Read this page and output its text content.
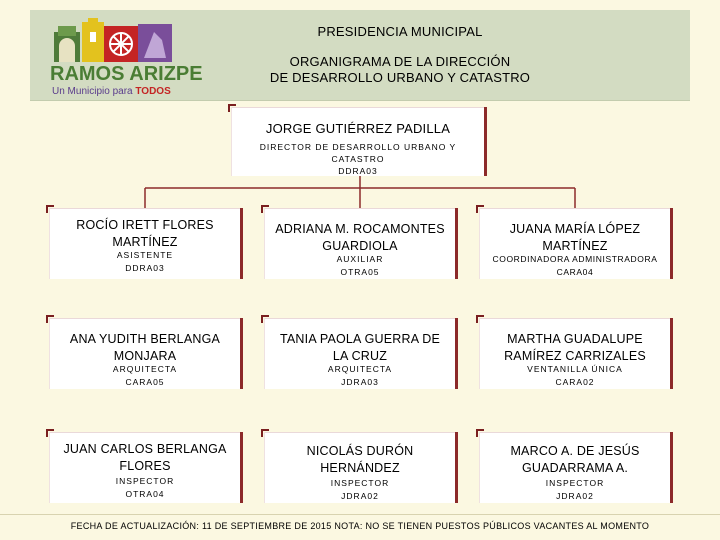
RAMOS ARIZPE
Un Municipio para TODOS
PRESIDENCIA MUNICIPAL
ORGANIGRAMA DE LA DIRECCIÓN
DE DESARROLLO URBANO Y CATASTRO
JORGE GUTIÉRREZ PADILLA
DIRECTOR DE DESARROLLO URBANO Y
CATASTRO
DDRA03
ROCÍO IRETT FLORES
MARTÍNEZ
ASISTENTE
DDRA03
ADRIANA M. ROCAMONTES
GUARDIOLA
AUXILIAR
OTRA05
JUANA MARÍA LÓPEZ
MARTÍNEZ
COORDINADORA ADMINISTRADORA
CARA04
ANA YUDITH BERLANGA
MONJARA
ARQUITECTA
CARA05
TANIA PAOLA GUERRA DE
LA CRUZ
ARQUITECTA
JDRA03
MARTHA GUADALUPE
RAMÍREZ CARRIZALES
VENTANILLA ÚNICA
CARA02
JUAN CARLOS BERLANGA
FLORES
INSPECTOR
OTRA04
NICOLÁS DURÓN
HERNÁNDEZ
INSPECTOR
JDRA02
MARCO A. DE JESÚS
GUADARRAMA A.
INSPECTOR
JDRA02
FECHA DE ACTUALIZACIÓN: 11 DE SEPTIEMBRE DE 2015 NOTA: NO SE TIENEN PUESTOS PÚBLICOS VACANTES AL MOMENTO
